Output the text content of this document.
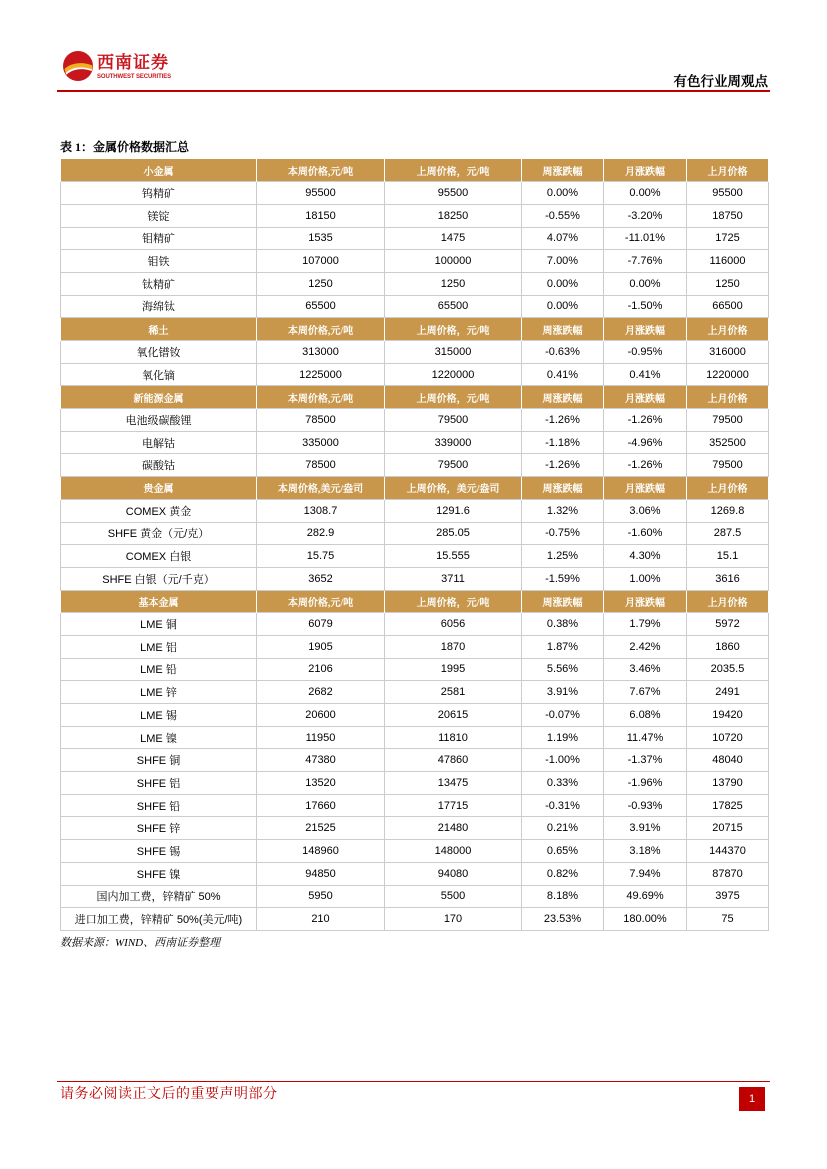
西南证券
SOUTHWEST SECURITIES	有色行业周观点
表 1：金属价格数据汇总
小金属	本周价格,元/吨	上周价格，元/吨	周涨跌幅	月涨跌幅	上月价格
钨精矿	95500	95500	0.00%	0.00%	95500
镁锭	18150	18250	-0.55%	-3.20%	18750
钼精矿	1535	1475	4.07%	-11.01%	1725
钼铁	107000	100000	7.00%	-7.76%	116000
钛精矿	1250	1250	0.00%	0.00%	1250
海绵钛	65500	65500	0.00%	-1.50%	66500
稀土	本周价格,元/吨	上周价格，元/吨	周涨跌幅	月涨跌幅	上月价格
氧化镨钕	313000	315000	-0.63%	-0.95%	316000
氧化镝	1225000	1220000	0.41%	0.41%	1220000
新能源金属	本周价格,元/吨	上周价格，元/吨	周涨跌幅	月涨跌幅	上月价格
电池级碳酸锂	78500	79500	-1.26%	-1.26%	79500
电解钴	335000	339000	-1.18%	-4.96%	352500
碳酸钴	78500	79500	-1.26%	-1.26%	79500
贵金属	本周价格,美元/盎司	上周价格，美元/盎司	周涨跌幅	月涨跌幅	上月价格
COMEX 黄金	1308.7	1291.6	1.32%	3.06%	1269.8
SHFE 黄金（元/克）	282.9	285.05	-0.75%	-1.60%	287.5
COMEX 白银	15.75	15.555	1.25%	4.30%	15.1
SHFE 白银（元/千克）	3652	3711	-1.59%	1.00%	3616
基本金属	本周价格,元/吨	上周价格，元/吨	周涨跌幅	月涨跌幅	上月价格
LME 铜	6079	6056	0.38%	1.79%	5972
LME 铝	1905	1870	1.87%	2.42%	1860
LME 铅	2106	1995	5.56%	3.46%	2035.5
LME 锌	2682	2581	3.91%	7.67%	2491
LME 锡	20600	20615	-0.07%	6.08%	19420
LME 镍	11950	11810	1.19%	11.47%	10720
SHFE 铜	47380	47860	-1.00%	-1.37%	48040
SHFE 铝	13520	13475	0.33%	-1.96%	13790
SHFE 铅	17660	17715	-0.31%	-0.93%	17825
SHFE 锌	21525	21480	0.21%	3.91%	20715
SHFE 锡	148960	148000	0.65%	3.18%	144370
SHFE 镍	94850	94080	0.82%	7.94%	87870
国内加工费，锌精矿 50%	5950	5500	8.18%	49.69%	3975
进口加工费，锌精矿 50%(美元/吨)	210	170	23.53%	180.00%	75
数据来源：WIND、西南证券整理
请务必阅读正文后的重要声明部分	1
